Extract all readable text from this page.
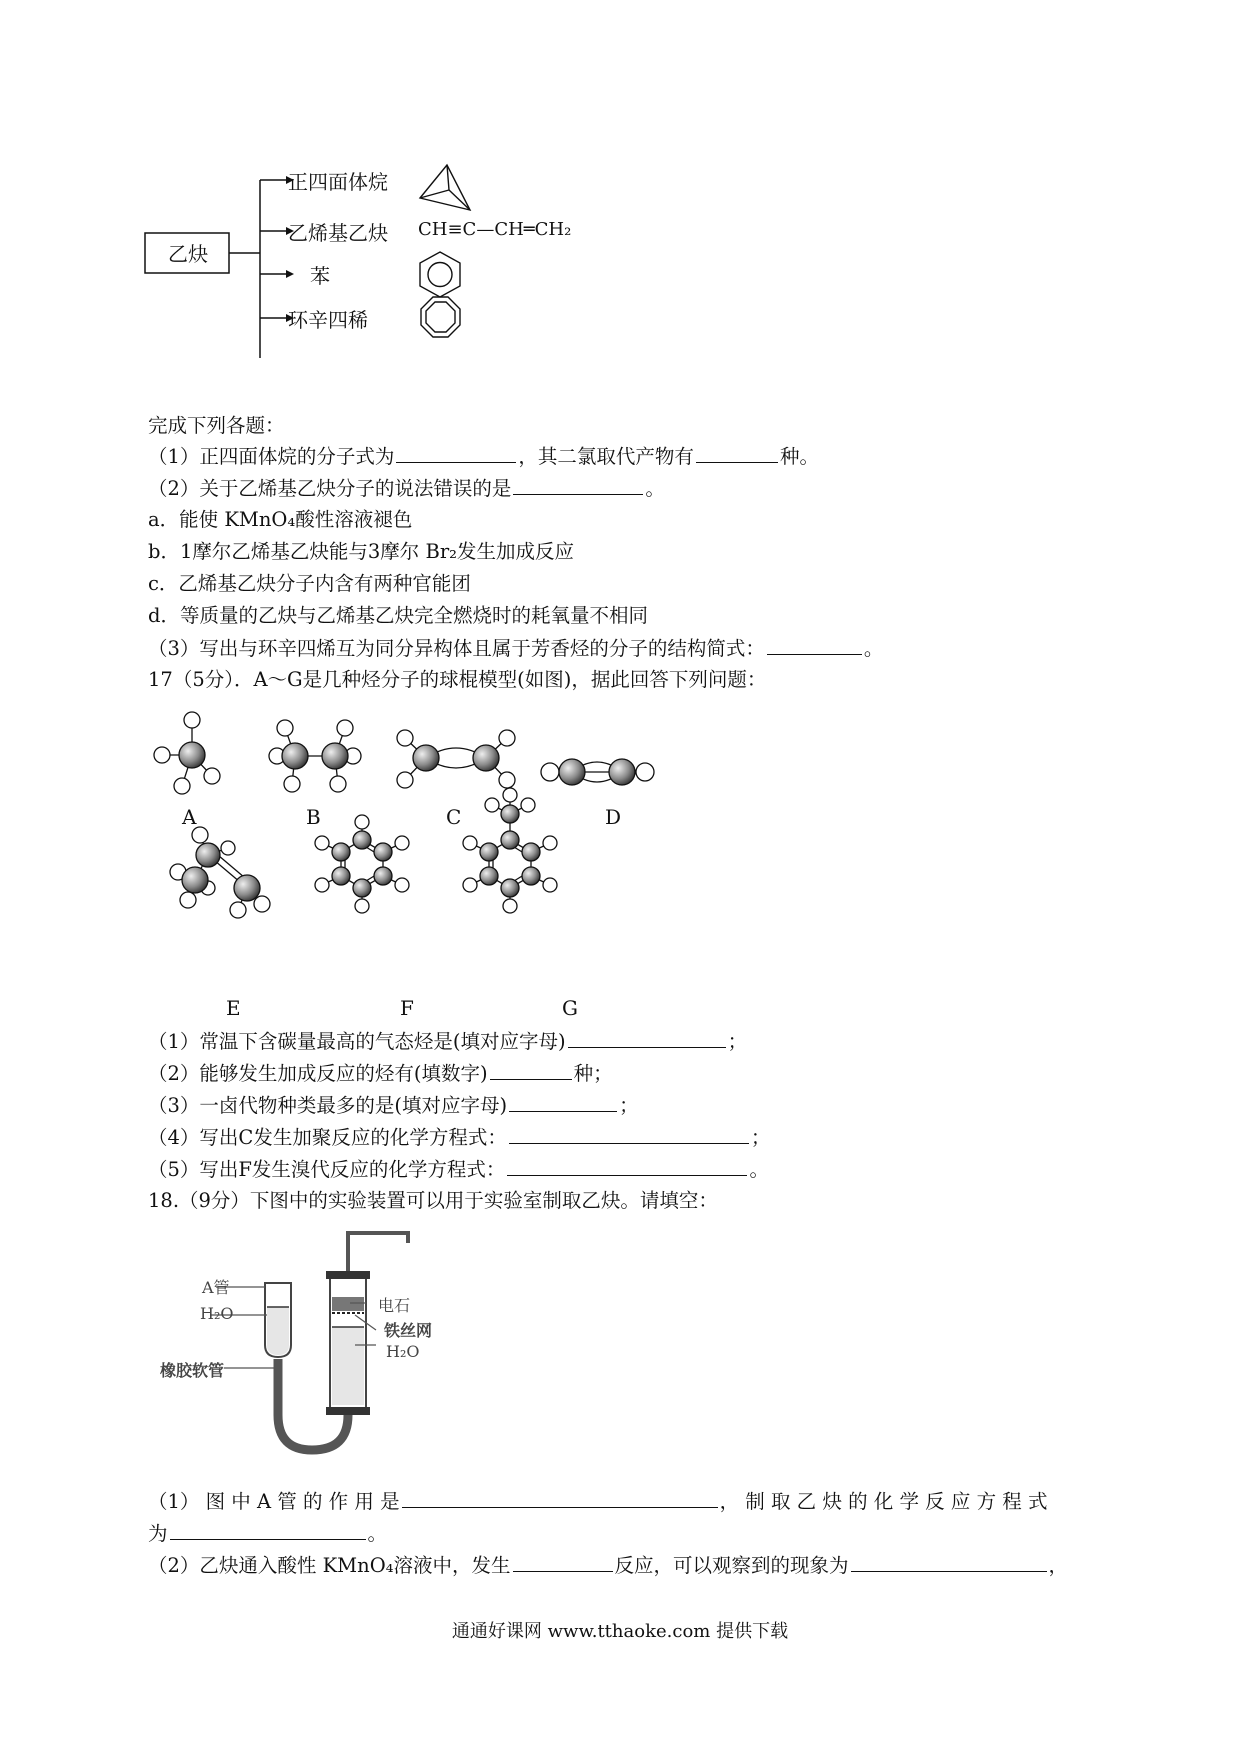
乙炔
正四面体烷
乙烯基乙炔 CH≡C—CH═CH₂
苯
环辛四稀
完成下列各题：
（1）正四面体烷的分子式为	，其二氯取代产物有	种。
（2）关于乙烯基乙炔分子的说法错误的是	。
a．能使 KMnO₄酸性溶液褪色
b．1摩尔乙烯基乙炔能与3摩尔 Br₂发生加成反应
c．乙烯基乙炔分子内含有两种官能团
d．等质量的乙炔与乙烯基乙炔完全燃烧时的耗氧量不相同
（3）写出与环辛四烯互为同分异构体且属于芳香烃的分子的结构简式：	。
17（5分）．A～G是几种烃分子的球棍模型(如图)，据此回答下列问题：
A	B	C	D
E	F	G
（1）常温下含碳量最高的气态烃是(填对应字母)	；
（2）能够发生加成反应的烃有(填数字)	种；
（3）一卤代物种类最多的是(填对应字母)	；
（4）写出C发生加聚反应的化学方程式：	；
（5）写出F发生溴代反应的化学方程式：	。
18.（9分）下图中的实验装置可以用于实验室制取乙炔。请填空：
A管
H₂O
橡胶软管
电石
铁丝网
H₂O
（1） 图 中 A 管 的 作 用 是	， 制 取 乙 炔 的 化 学 反 应 方 程 式
为	。
（2）乙炔通入酸性 KMnO₄溶液中，发生	反应，可以观察到的现象为	，
通通好课网 www.tthaoke.com 提供下载
